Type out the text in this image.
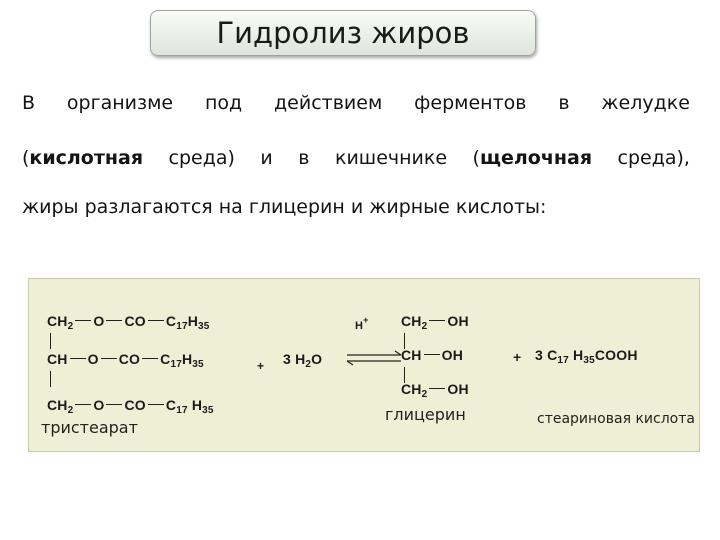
Гидролиз жиров
В организме под действием ферментов в желудке
(кислотная среда) и в кишечнике (щелочная среда),
жиры разлагаются на глицерин и жирные кислоты:
$CH_2$ O CO $C_{17}H_{35}$
CH O CO $C_{17}H_{35}$
$CH_2$ O CO $C_{17}$ $H_{35}$
тристеарат
+ 3 $H_2O$
H+ $CH_2$ OH
CH OH
$CH_2$ OH
глицерин
+ 3 $C_{17}$ $H_{35}COOH$
стеариновая кислота
